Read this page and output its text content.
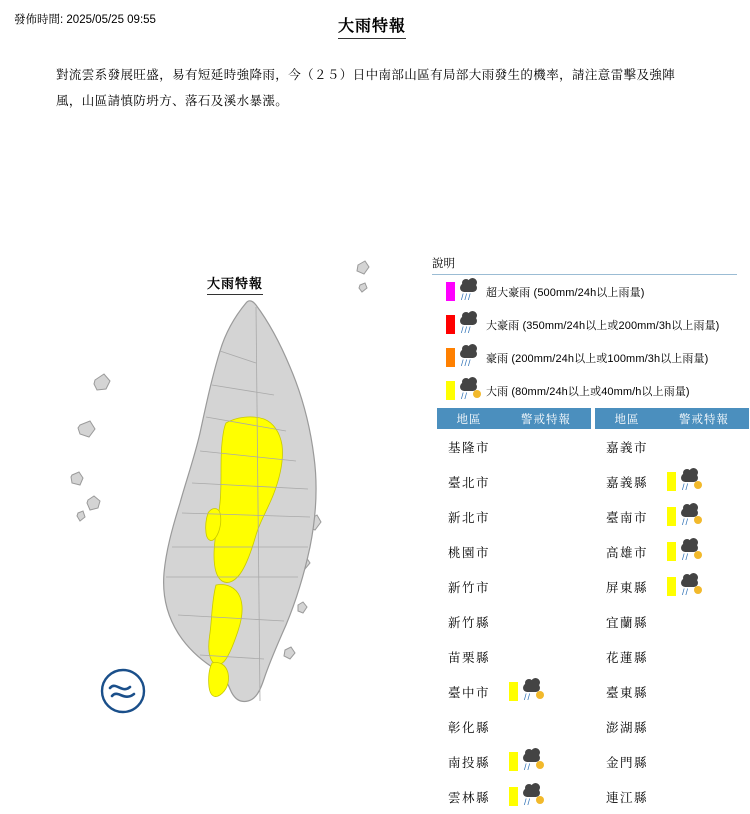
發佈時間: 2025/05/25 09:55	大雨特報
對流雲系發展旺盛，易有短延時強降雨，今（２５）日中南部山區有局部大雨發生的機率，請注意雷擊及強陣風，山區請慎防坍方、落石及溪水暴漲。
大雨特報
說明
/// 超大豪雨 (500mm/24h以上雨量)
/// 大豪雨 (350mm/24h以上或200mm/3h以上雨量)
/// 豪雨 (200mm/24h以上或100mm/3h以上雨量)
// 大雨 (80mm/24h以上或40mm/h以上雨量)
地區	警戒特報
基隆市	
臺北市	
新北市	
桃園市	
新竹市	
新竹縣	
苗栗縣	
臺中市	//

彰化縣	
南投縣	//

雲林縣	//
地區	警戒特報
嘉義市	
嘉義縣	//

臺南市	//

高雄市	//

屏東縣	//

宜蘭縣	
花蓮縣	
臺東縣	
澎湖縣	
金門縣	
連江縣	
